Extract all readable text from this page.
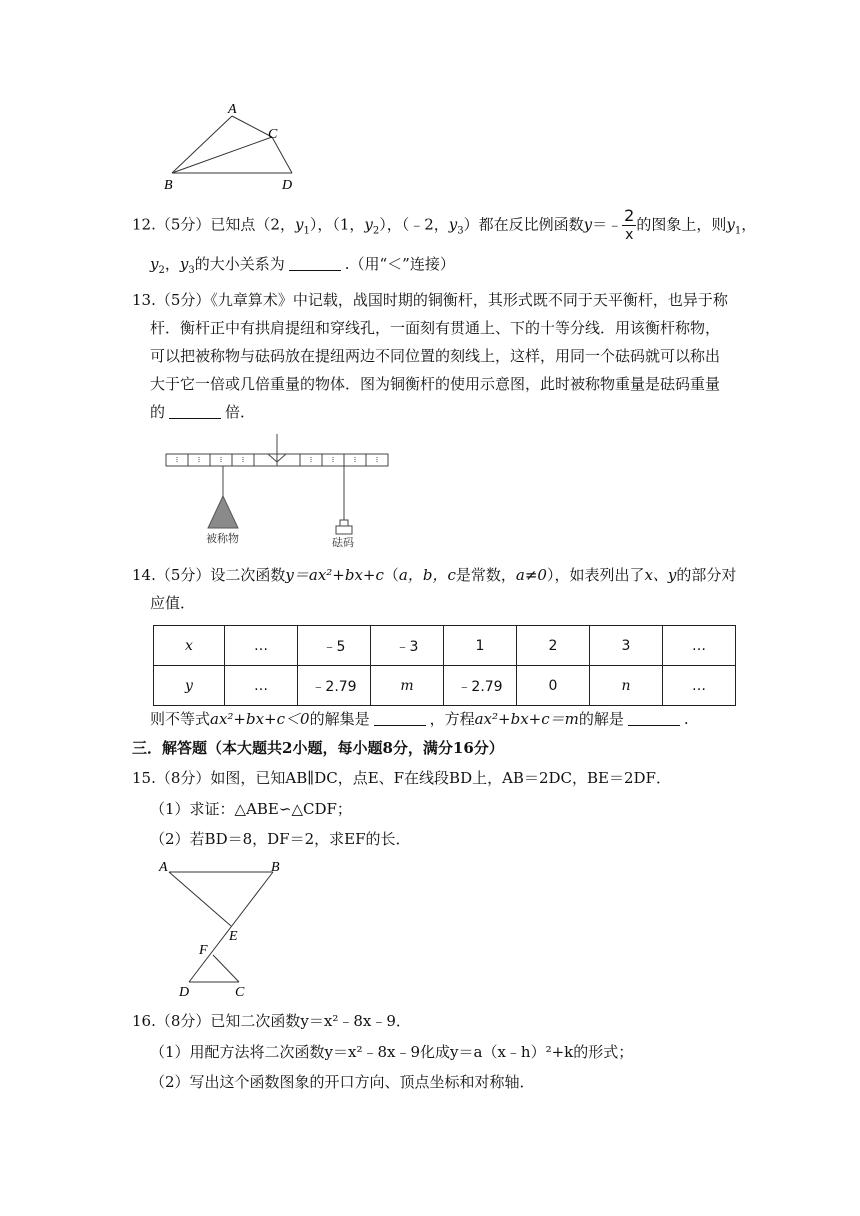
A
C
B	D
12.（5分）已知点（2，$y_1$），（1，$y_2$），（﹣2，$y_3$）都在反比例函数y＝﹣ $\frac{2}{x}$ 的图象上，则$y_1$，
$y_2$，$y_3$的大小关系为	.（用“＜”连接）
13.（5分）《九章算术》中记载，战国时期的铜衡杆，其形式既不同于天平衡杆，也异于称
杆．衡杆正中有拱肩提纽和穿线孔，一面刻有贯通上、下的十等分线．用该衡杆称物，
可以把被称物与砝码放在提纽两边不同位置的刻线上，这样，用同一个砝码就可以称出
大于它一倍或几倍重量的物体．图为铜衡杆的使用示意图，此时被称物重量是砝码重量
的	倍．
被称物	砝码
14.（5分）设二次函数y＝ax²+bx+c（a，b，c是常数，a≠0），如表列出了x、y的部分对
应值．
x	…	﹣5	﹣3	1	2	3	…
y	…	﹣2.79	m	﹣2.79	0	n	…
则不等式ax²+bx+c＜0的解集是	，方程ax²+bx+c＝m的解是	.
三．解答题（本大题共2小题，每小题8分，满分16分）
15.（8分）如图，已知AB∥DC，点E、F在线段BD上，AB＝2DC，BE＝2DF．
（1）求证：△ABE∽△CDF；
（2）若BD＝8，DF＝2，求EF的长．
A	B
E
F
D	C
16.（8分）已知二次函数y＝x²﹣8x﹣9．
（1）用配方法将二次函数y＝x²﹣8x﹣9化成y＝a（x﹣h）²+k的形式；
（2）写出这个函数图象的开口方向、顶点坐标和对称轴．
